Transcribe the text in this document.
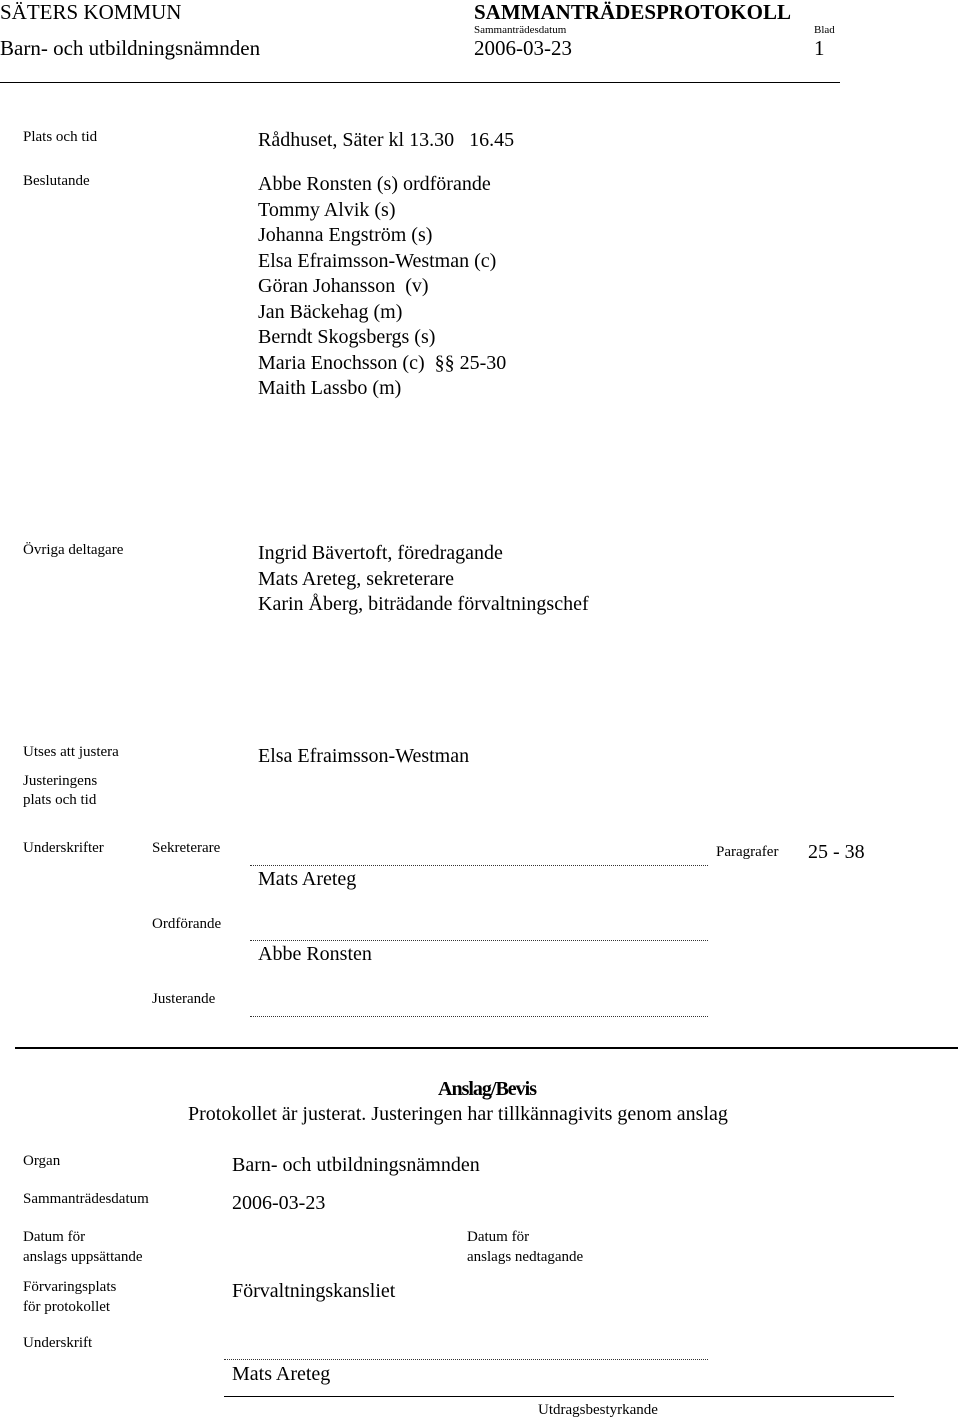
SÄTERS KOMMUN	SAMMANTRÄDESPROTOKOLL
Sammanträdesdatum	Blad
Barn- och utbildningsnämnden	2006-03-23	1
Plats och tid	Rådhuset, Säter kl 13.30   16.45
Beslutande	Abbe Ronsten (s) ordförande
Tommy Alvik (s)
Johanna Engström (s)
Elsa Efraimsson-Westman (c)
Göran Johansson  (v)
Jan Bäckehag (m)
Berndt Skogsbergs (s)
Maria Enochsson (c)  §§ 25-30
Maith Lassbo (m)
Övriga deltagare	Ingrid Bävertoft, föredragande
Mats Areteg, sekreterare
Karin Åberg, biträdande förvaltningschef
Utses att justera	Elsa Efraimsson-Westman
Justeringens
plats och tid
Underskrifter	Sekreterare
Mats Areteg
Paragrafer 25 - 38
Ordförande
Abbe Ronsten
Justerande
Anslag/Bevis
Protokollet är justerat. Justeringen har tillkännagivits genom anslag
Organ	Barn- och utbildningsnämnden
Sammanträdesdatum	2006-03-23
Datum för
anslags uppsättande
Datum för
anslags nedtagande
Förvaringsplats
för protokollet
Förvaltningskansliet
Underskrift
Mats Areteg
Utdragsbestyrkande
